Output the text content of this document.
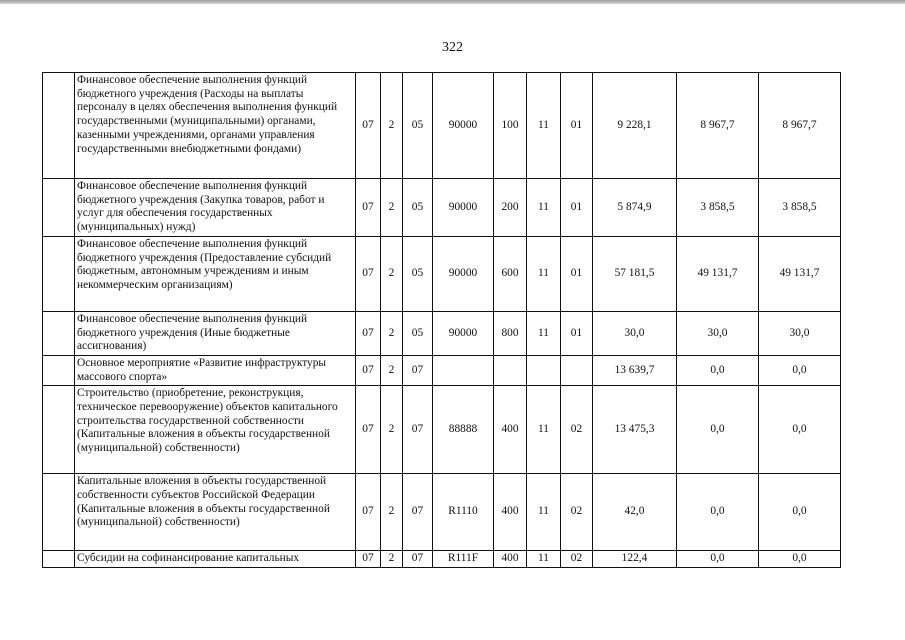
322
	Финансовое обеспечение выполнения функций бюджетного учреждения (Расходы на выплаты персоналу в целях обеспечения выполнения функций государственными (муниципальными) органами, казенными учреждениями, органами управления государственными внебюджетными фондами)	07	2	05	90000	100	11	01	9 228,1	8 967,7	8 967,7
	Финансовое обеспечение выполнения функций бюджетного учреждения (Закупка товаров, работ и услуг для обеспечения государственных (муниципальных) нужд)	07	2	05	90000	200	11	01	5 874,9	3 858,5	3 858,5
	Финансовое обеспечение выполнения функций бюджетного учреждения (Предоставление субсидий бюджетным, автономным учреждениям и иным некоммерческим организациям)	07	2	05	90000	600	11	01	57 181,5	49 131,7	49 131,7
	Финансовое обеспечение выполнения функций бюджетного учреждения (Иные бюджетные ассигнования)	07	2	05	90000	800	11	01	30,0	30,0	30,0
	Основное мероприятие «Развитие инфраструктуры массового спорта»	07	2	07					13 639,7	0,0	0,0
	Строительство (приобретение, реконструкция, техническое перевооружение) объектов капитального строительства государственной собственности (Капитальные вложения в объекты государственной (муниципальной) собственности)	07	2	07	88888	400	11	02	13 475,3	0,0	0,0
	Капитальные вложения в объекты государственной собственности субъектов Российской Федерации (Капитальные вложения в объекты государственной (муниципальной) собственности)	07	2	07	R1110	400	11	02	42,0	0,0	0,0
	Субсидии на софинансирование капитальных	07	2	07	R111F	400	11	02	122,4	0,0	0,0
